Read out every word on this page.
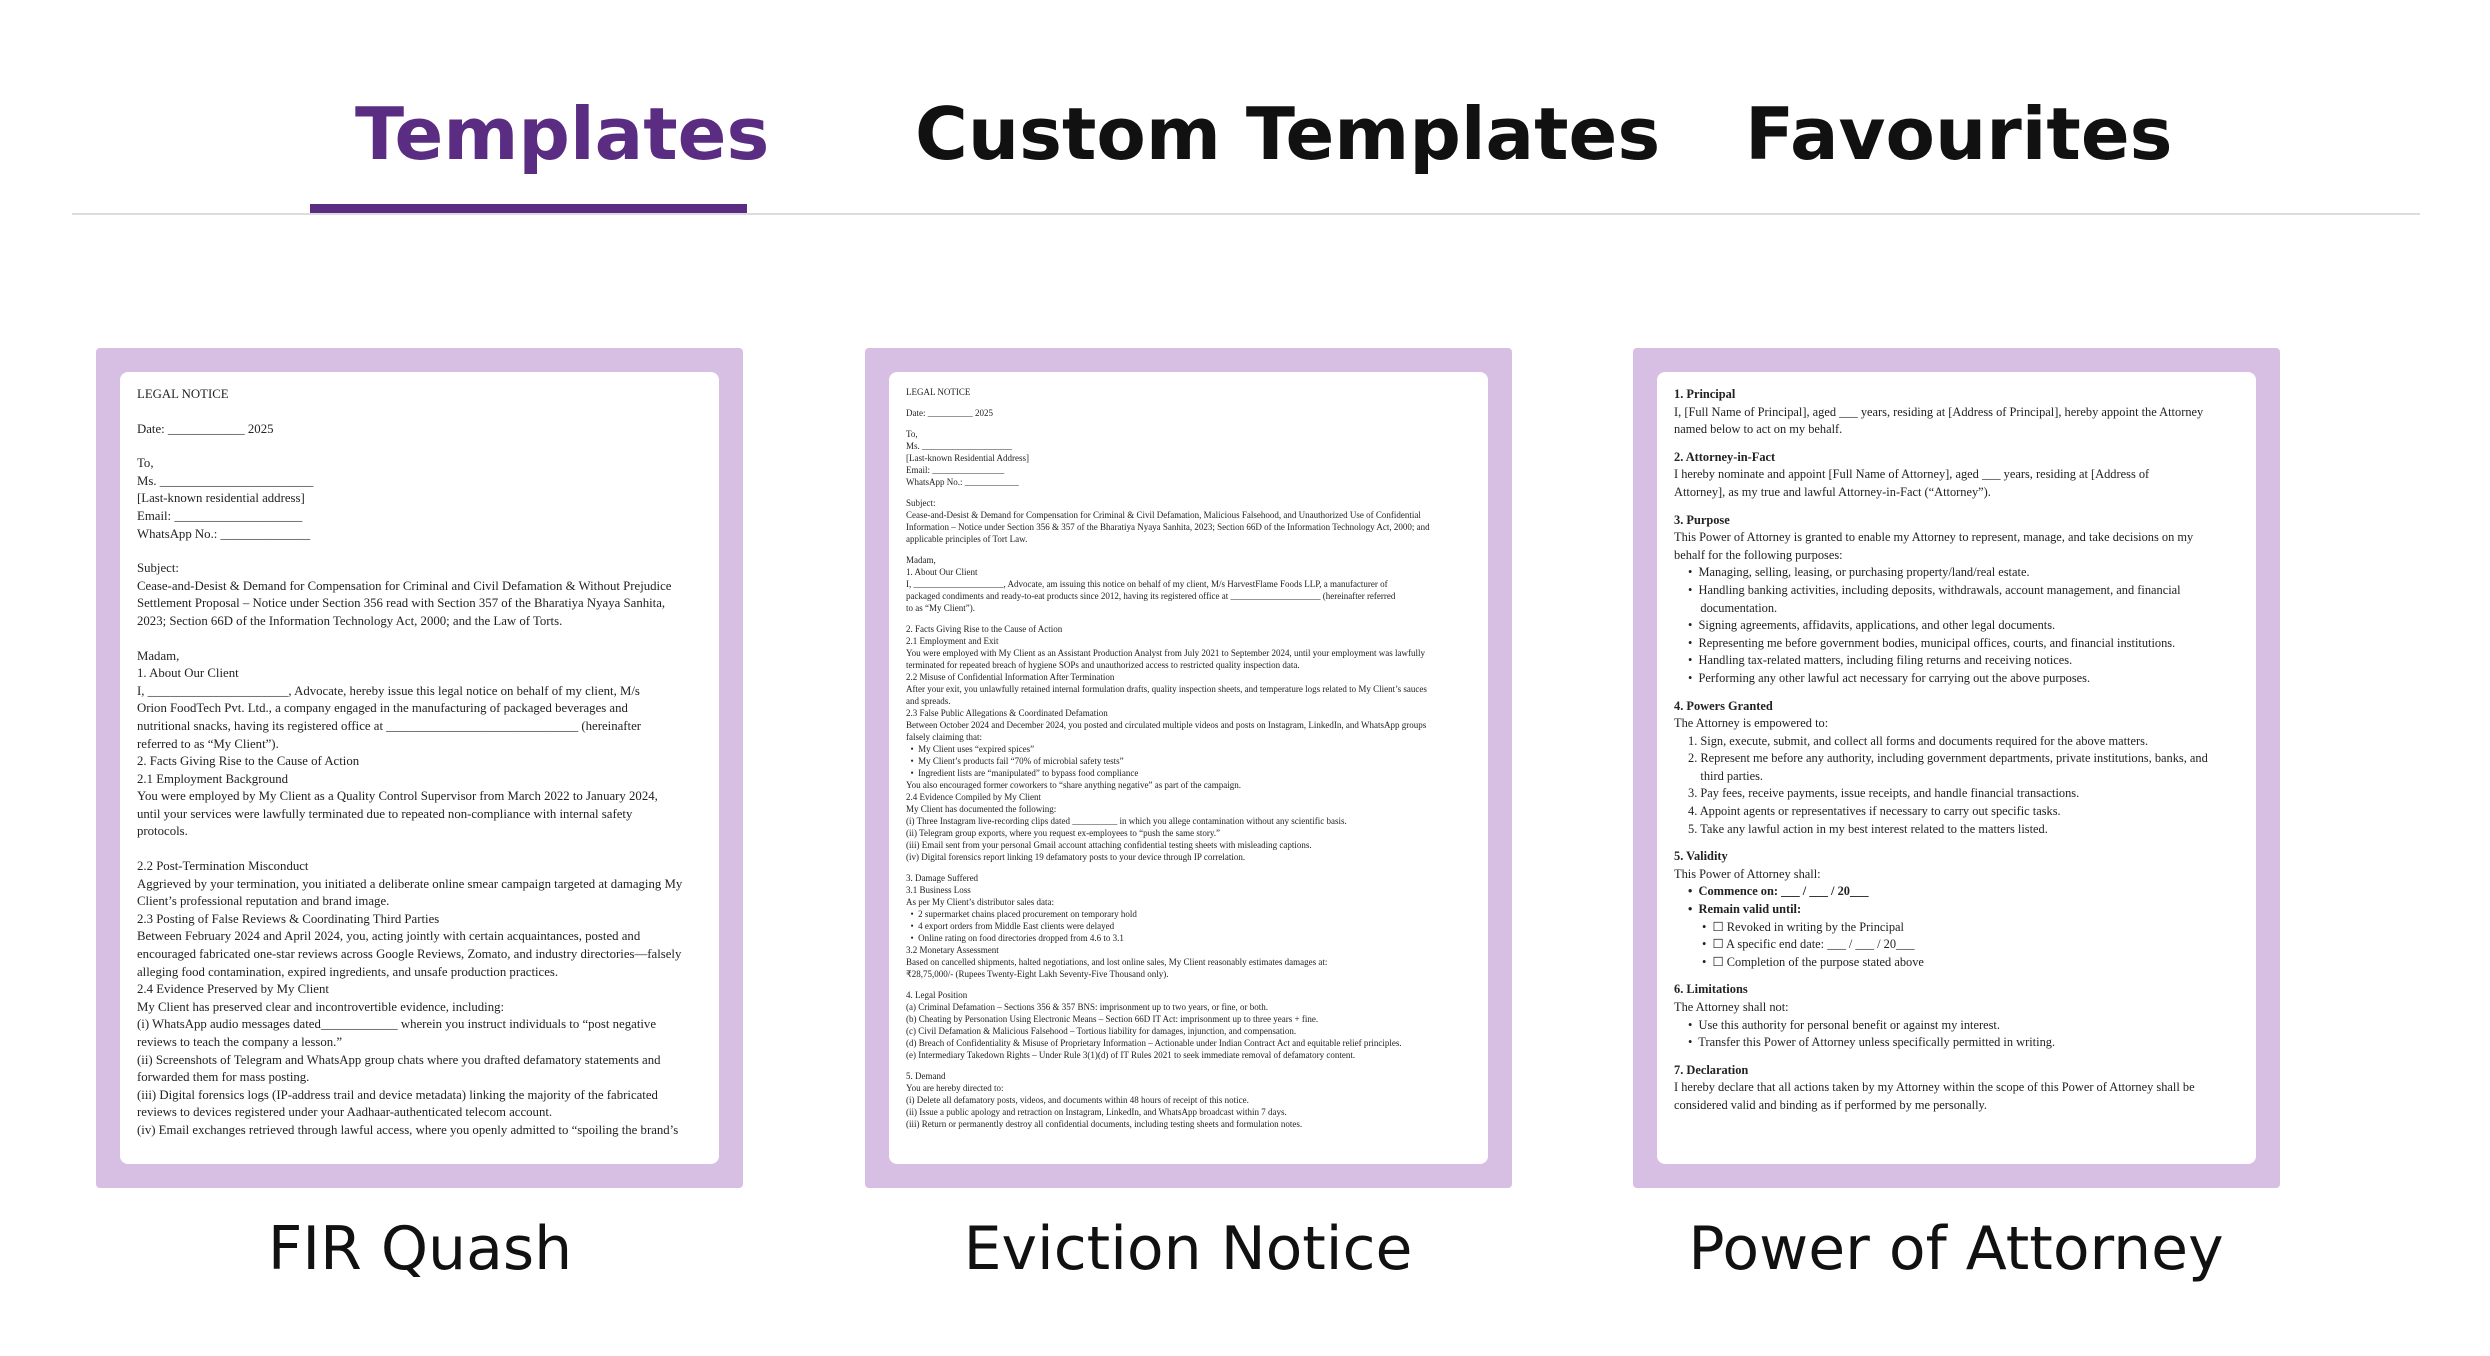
Templates Custom Templates Favourites
LEGAL NOTICE
Date: ____________ 2025
To,
Ms. ________________________
[Last-known residential address]
Email: ____________________
WhatsApp No.: ______________
Subject:
Cease-and-Desist & Demand for Compensation for Criminal and Civil Defamation & Without Prejudice
Settlement Proposal – Notice under Section 356 read with Section 357 of the Bharatiya Nyaya Sanhita,
2023; Section 66D of the Information Technology Act, 2000; and the Law of Torts.
Madam,
1. About Our Client
I, ______________________, Advocate, hereby issue this legal notice on behalf of my client, M/s
Orion FoodTech Pvt. Ltd., a company engaged in the manufacturing of packaged beverages and
nutritional snacks, having its registered office at ______________________________ (hereinafter
referred to as “My Client”).
2. Facts Giving Rise to the Cause of Action
2.1 Employment Background
You were employed by My Client as a Quality Control Supervisor from March 2022 to January 2024,
until your services were lawfully terminated due to repeated non-compliance with internal safety
protocols.
2.2 Post-Termination Misconduct
Aggrieved by your termination, you initiated a deliberate online smear campaign targeted at damaging My
Client’s professional reputation and brand image.
2.3 Posting of False Reviews & Coordinating Third Parties
Between February 2024 and April 2024, you, acting jointly with certain acquaintances, posted and
encouraged fabricated one-star reviews across Google Reviews, Zomato, and industry directories—falsely
alleging food contamination, expired ingredients, and unsafe production practices.
2.4 Evidence Preserved by My Client
My Client has preserved clear and incontrovertible evidence, including:
(i) WhatsApp audio messages dated____________ wherein you instruct individuals to “post negative
reviews to teach the company a lesson.”
(ii) Screenshots of Telegram and WhatsApp group chats where you drafted defamatory statements and
forwarded them for mass posting.
(iii) Digital forensics logs (IP-address trail and device metadata) linking the majority of the fabricated
reviews to devices registered under your Aadhaar-authenticated telecom account.
(iv) Email exchanges retrieved through lawful access, where you openly admitted to “spoiling the brand’s
LEGAL NOTICE
Date: __________ 2025
To,
Ms. ____________________
[Last-known Residential Address]
Email: ________________
WhatsApp No.: ____________
Subject:
Cease-and-Desist & Demand for Compensation for Criminal & Civil Defamation, Malicious Falsehood, and Unauthorized Use of Confidential
Information – Notice under Section 356 & 357 of the Bharatiya Nyaya Sanhita, 2023; Section 66D of the Information Technology Act, 2000; and
applicable principles of Tort Law.
Madam,
1. About Our Client
I, ____________________, Advocate, am issuing this notice on behalf of my client, M/s HarvestFlame Foods LLP, a manufacturer of
packaged condiments and ready-to-eat products since 2012, having its registered office at ____________________ (hereinafter referred
to as “My Client”).
2. Facts Giving Rise to the Cause of Action
2.1 Employment and Exit
You were employed with My Client as an Assistant Production Analyst from July 2021 to September 2024, until your employment was lawfully
terminated for repeated breach of hygiene SOPs and unauthorized access to restricted quality inspection data.
2.2 Misuse of Confidential Information After Termination
After your exit, you unlawfully retained internal formulation drafts, quality inspection sheets, and temperature logs related to My Client’s sauces
and spreads.
2.3 False Public Allegations & Coordinated Defamation
Between October 2024 and December 2024, you posted and circulated multiple videos and posts on Instagram, LinkedIn, and WhatsApp groups
falsely claiming that:
•  My Client uses “expired spices”
•  My Client’s products fail “70% of microbial safety tests”
•  Ingredient lists are “manipulated” to bypass food compliance
You also encouraged former coworkers to “share anything negative” as part of the campaign.
2.4 Evidence Compiled by My Client
My Client has documented the following:
(i) Three Instagram live-recording clips dated __________ in which you allege contamination without any scientific basis.
(ii) Telegram group exports, where you request ex-employees to “push the same story.”
(iii) Email sent from your personal Gmail account attaching confidential testing sheets with misleading captions.
(iv) Digital forensics report linking 19 defamatory posts to your device through IP correlation.
3. Damage Suffered
3.1 Business Loss
As per My Client’s distributor sales data:
•  2 supermarket chains placed procurement on temporary hold
•  4 export orders from Middle East clients were delayed
•  Online rating on food directories dropped from 4.6 to 3.1
3.2 Monetary Assessment
Based on cancelled shipments, halted negotiations, and lost online sales, My Client reasonably estimates damages at:
₹28,75,000/- (Rupees Twenty-Eight Lakh Seventy-Five Thousand only).
4. Legal Position
(a) Criminal Defamation – Sections 356 & 357 BNS: imprisonment up to two years, or fine, or both.
(b) Cheating by Personation Using Electronic Means – Section 66D IT Act: imprisonment up to three years + fine.
(c) Civil Defamation & Malicious Falsehood – Tortious liability for damages, injunction, and compensation.
(d) Breach of Confidentiality & Misuse of Proprietary Information – Actionable under Indian Contract Act and equitable relief principles.
(e) Intermediary Takedown Rights – Under Rule 3(1)(d) of IT Rules 2021 to seek immediate removal of defamatory content.
5. Demand
You are hereby directed to:
(i) Delete all defamatory posts, videos, and documents within 48 hours of receipt of this notice.
(ii) Issue a public apology and retraction on Instagram, LinkedIn, and WhatsApp broadcast within 7 days.
(iii) Return or permanently destroy all confidential documents, including testing sheets and formulation notes.
1. Principal
I, [Full Name of Principal], aged ___ years, residing at [Address of Principal], hereby appoint the Attorney
named below to act on my behalf.
2. Attorney-in-Fact
I hereby nominate and appoint [Full Name of Attorney], aged ___ years, residing at [Address of
Attorney], as my true and lawful Attorney-in-Fact (“Attorney”).
3. Purpose
This Power of Attorney is granted to enable my Attorney to represent, manage, and take decisions on my
behalf for the following purposes:
•  Managing, selling, leasing, or purchasing property/land/real estate.
•  Handling banking activities, including deposits, withdrawals, account management, and financial
documentation.
•  Signing agreements, affidavits, applications, and other legal documents.
•  Representing me before government bodies, municipal offices, courts, and financial institutions.
•  Handling tax-related matters, including filing returns and receiving notices.
•  Performing any other lawful act necessary for carrying out the above purposes.
4. Powers Granted
The Attorney is empowered to:
1. Sign, execute, submit, and collect all forms and documents required for the above matters.
2. Represent me before any authority, including government departments, private institutions, banks, and
third parties.
3. Pay fees, receive payments, issue receipts, and handle financial transactions.
4. Appoint agents or representatives if necessary to carry out specific tasks.
5. Take any lawful action in my best interest related to the matters listed.
5. Validity
This Power of Attorney shall:
•  Commence on: ___ / ___ / 20___
•  Remain valid until:
•  ☐ Revoked in writing by the Principal
•  ☐ A specific end date: ___ / ___ / 20___
•  ☐ Completion of the purpose stated above
6. Limitations
The Attorney shall not:
•  Use this authority for personal benefit or against my interest.
•  Transfer this Power of Attorney unless specifically permitted in writing.
7. Declaration
I hereby declare that all actions taken by my Attorney within the scope of this Power of Attorney shall be
considered valid and binding as if performed by me personally.
FIR Quash	Eviction Notice	Power of Attorney
